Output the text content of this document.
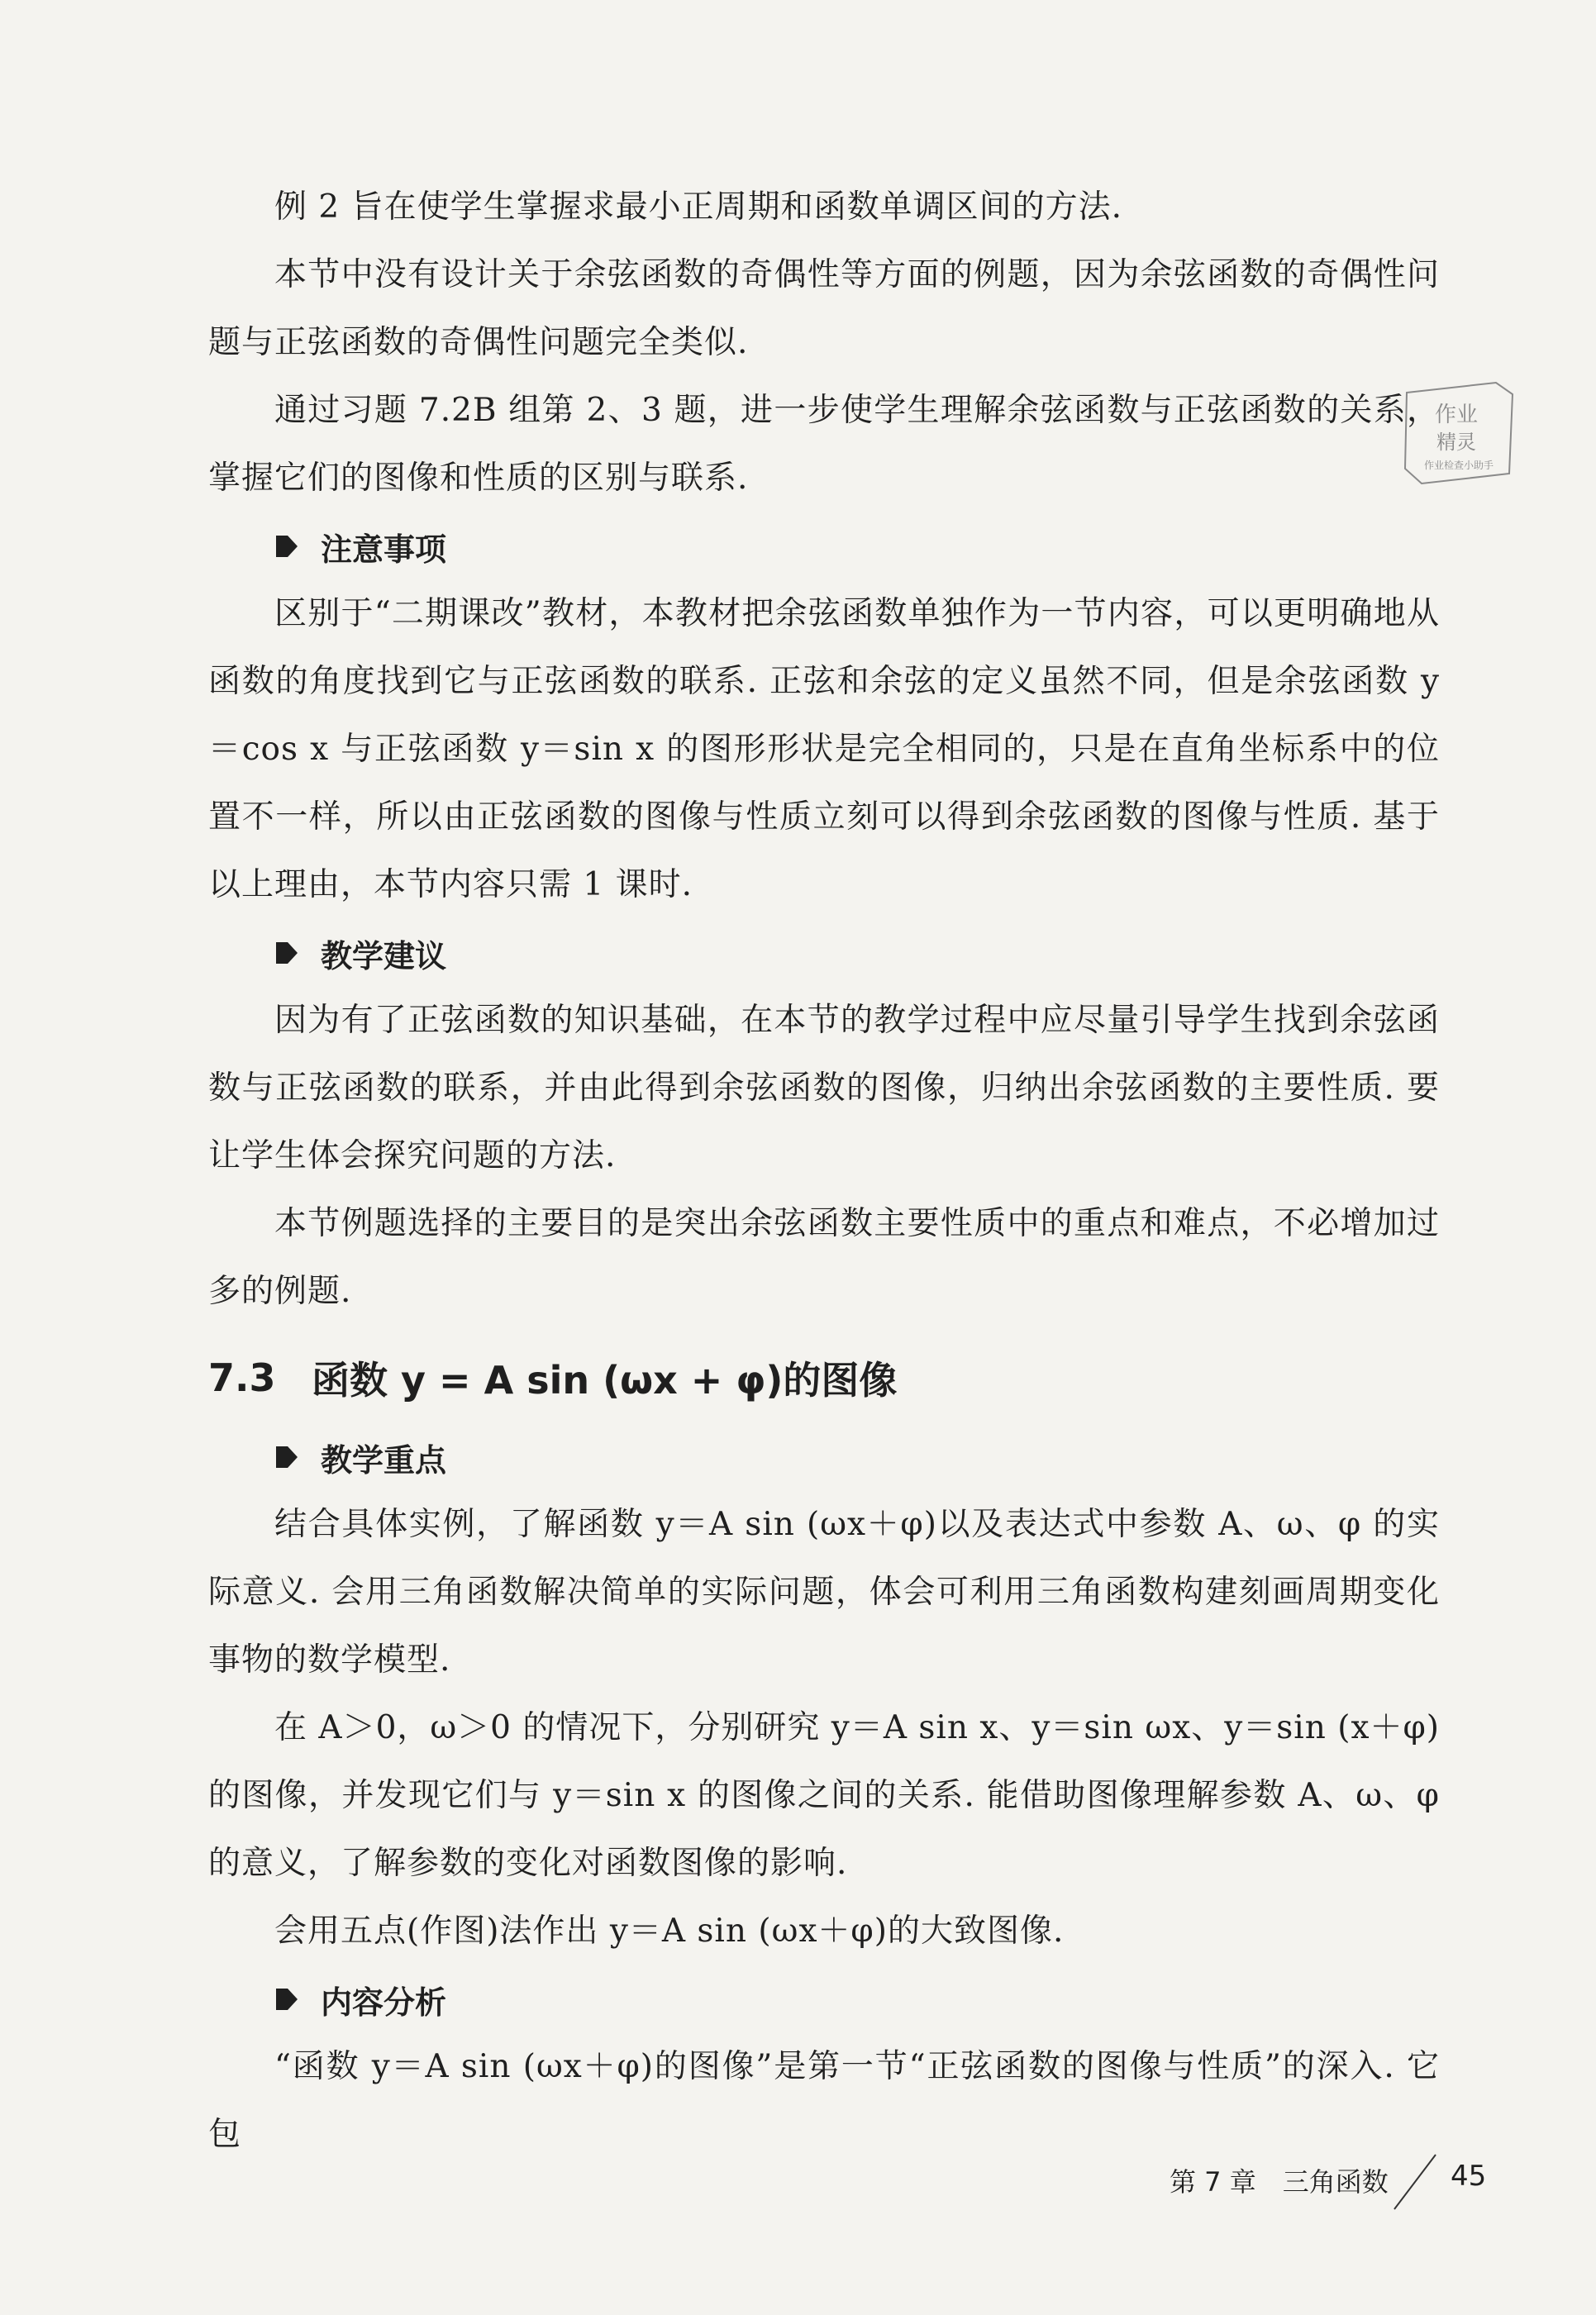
例 2 旨在使学生掌握求最小正周期和函数单调区间的方法.

本节中没有设计关于余弦函数的奇偶性等方面的例题，因为余弦函数的奇偶性问题与正弦函数的奇偶性问题完全类似.

通过习题 7.2B 组第 2、3 题，进一步使学生理解余弦函数与正弦函数的关系，掌握它们的图像和性质的区别与联系.

注意事项

区别于“二期课改”教材，本教材把余弦函数单独作为一节内容，可以更明确地从函数的角度找到它与正弦函数的联系. 正弦和余弦的定义虽然不同，但是余弦函数 y＝cos x 与正弦函数 y＝sin x 的图形形状是完全相同的，只是在直角坐标系中的位置不一样，所以由正弦函数的图像与性质立刻可以得到余弦函数的图像与性质. 基于以上理由，本节内容只需 1 课时.

教学建议

因为有了正弦函数的知识基础，在本节的教学过程中应尽量引导学生找到余弦函数与正弦函数的联系，并由此得到余弦函数的图像，归纳出余弦函数的主要性质. 要让学生体会探究问题的方法.

本节例题选择的主要目的是突出余弦函数主要性质中的重点和难点，不必增加过多的例题.

7.3 函数 y = A sin (ωx + φ)的图像
教学重点

结合具体实例，了解函数 y＝A sin (ωx＋φ)以及表达式中参数 A、ω、φ 的实际意义. 会用三角函数解决简单的实际问题，体会可利用三角函数构建刻画周期变化事物的数学模型.

在 A＞0，ω＞0 的情况下，分别研究 y＝A sin x、y＝sin ωx、y＝sin (x＋φ)的图像，并发现它们与 y＝sin x 的图像之间的关系. 能借助图像理解参数 A、ω、φ 的意义，了解参数的变化对函数图像的影响.

会用五点(作图)法作出 y＝A sin (ωx＋φ)的大致图像.

内容分析

“函数 y＝A sin (ωx＋φ)的图像”是第一节“正弦函数的图像与性质”的深入. 它包

作业
精灵
作业检查小助手
第 7 章　三角函数 45
